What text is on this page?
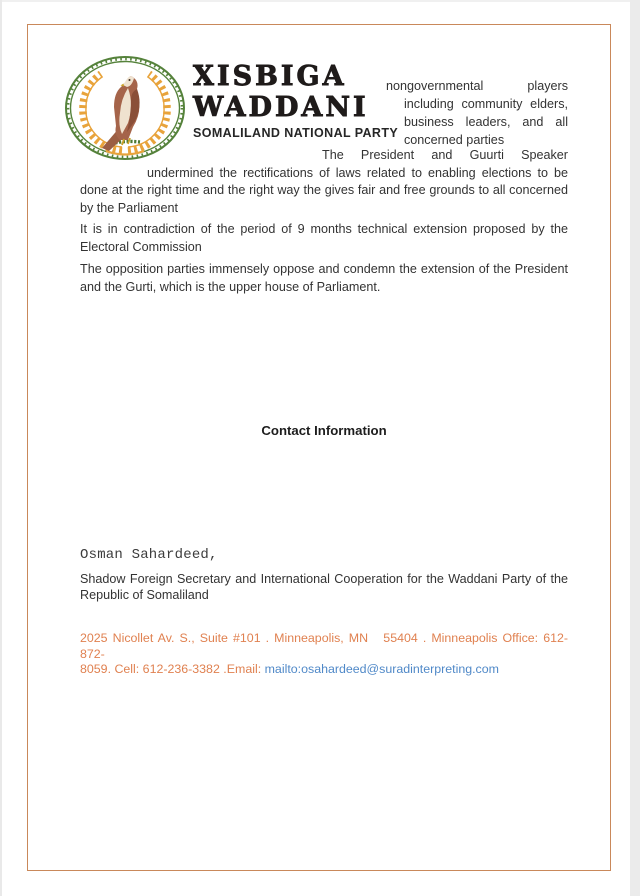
XISBIGA
WADDANI
SOMALILAND NATIONAL PARTY
nongovernmental players
including community elders,
business leaders, and all
concerned parties
The President and Guurti Speaker
undermined the rectifications of laws related to enabling elections to be
done at the right time and the right way the gives fair and free grounds to all concerned
by the Parliament
It is in contradiction of the period of 9 months technical extension proposed by the
Electoral Commission
The opposition parties immensely oppose and condemn the extension of the President
and the Gurti, which is the upper house of Parliament.
Contact Information
Osman Sahardeed,
Shadow Foreign Secretary and International Cooperation for the Waddani Party of the
Republic of Somaliland
2025 Nicollet Av. S., Suite #101 . Minneapolis, MN   55404 . Minneapolis Office: 612-872-
8059. Cell: 612-236-3382 .Email: mailto:osahardeed@suradinterpreting.com
